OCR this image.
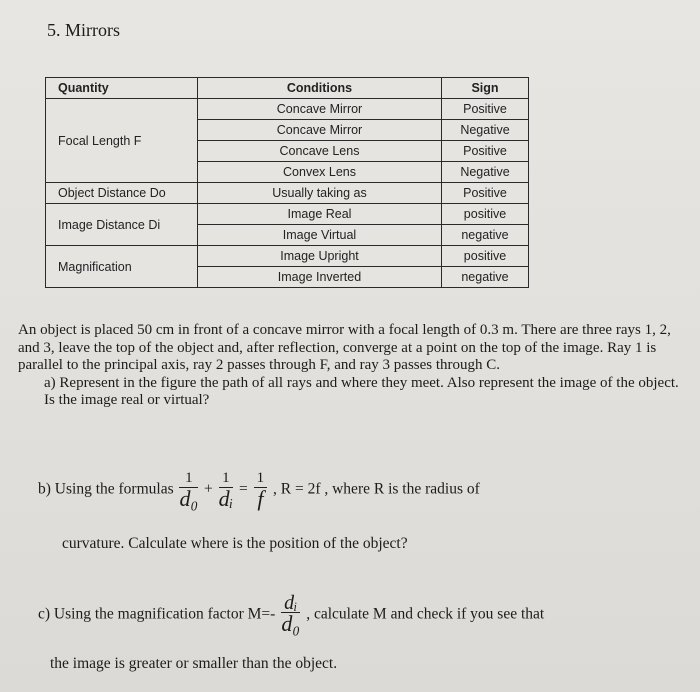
5. Mirrors
Quantity	Conditions	Sign
Focal Length F	Concave Mirror	Positive
	Concave Mirror	Negative
	Concave Lens	Positive
	Convex Lens	Negative
Object Distance Do	Usually taking as	Positive
Image Distance Di	Image Real	positive
	Image Virtual	negative
Magnification	Image Upright	positive
	Image Inverted	negative

An object is placed 50 cm in front of a concave mirror with a focal length of 0.3 m. There are three rays 1, 2, and 3, leave the top of the object and, after reflection, converge at a point on the top of the image. Ray 1 is parallel to the principal axis, ray 2 passes through F, and ray 3 passes through C.

a) Represent in the figure the path of all rays and where they meet. Also represent the image of the object. Is the image real or virtual?

b) Using the formulas $\frac{1}{\text{d₀}} + \frac{1}{\text{dᵢ}} = \frac{1}{f}$ , R = 2f , where R is the radius of
curvature. Calculate where is the position of the object?
c) Using the magnification factor $M=- \frac{\text{dᵢ}}{\text{d₀}}$ , calculate M and check if you see that
the image is greater or smaller than the object.
